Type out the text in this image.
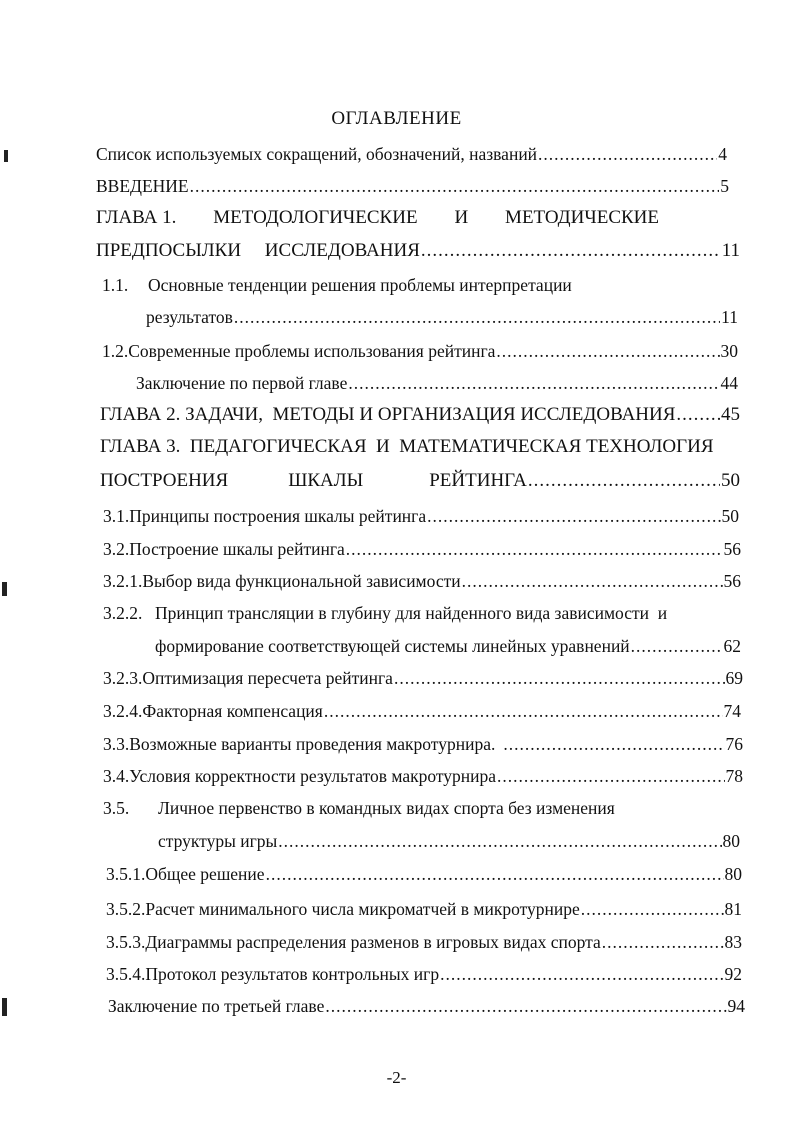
ОГЛАВЛЕНИЕ
Список используемых сокращений, обозначений, названий .....	4
ВВЕДЕНИЕ .....	5
ГЛАВА 1. МЕТОДОЛОГИЧЕСКИЕ И МЕТОДИЧЕСКИЕ
ПРЕДПОСЫЛКИ     ИССЛЕДОВАНИЯ .....	11
1.1.	Основные тенденции решения проблемы интерпретации
результатов .....	11
1.2. Современные проблемы использования рейтинга .....	30
Заключение по первой главе .....	44
ГЛАВА 2. ЗАДАЧИ,  МЕТОДЫ И ОРГАНИЗАЦИЯ ИССЛЕДОВАНИЯ ..... 45
ГЛАВА 3.  ПЕДАГОГИЧЕСКАЯ  И  МАТЕМАТИЧЕСКАЯ ТЕХНОЛОГИЯ
ПОСТРОЕНИЯ	ШКАЛЫ	РЕЙТИНГА .....	50
3.1. Принципы построения шкалы рейтинга .....	50
3.2. Построение шкалы рейтинга .....	56
3.2.1. Выбор вида функциональной зависимости .....	56
3.2.2. Принцип трансляции в глубину для найденного вида зависимости  и
формирование соответствующей системы линейных уравнений .....	62
3.2.3. Оптимизация пересчета рейтинга .....	69
3.2.4. Факторная компенсация .....	74
3.3. Возможные варианты проведения макротурнира. .....	76
3.4. Условия корректности результатов макротурнира .....	78
3.5.	Личное первенство в командных видах спорта без изменения
структуры игры .....	80
3.5.1. Общее решение .....	80
3.5.2. Расчет минимального числа микроматчей в микротурнире .....	81
3.5.3. Диаграммы распределения разменов в игровых видах спорта .....	83
3.5.4. Протокол результатов контрольных игр .....	92
Заключение по третьей главе .....	94
-2-
